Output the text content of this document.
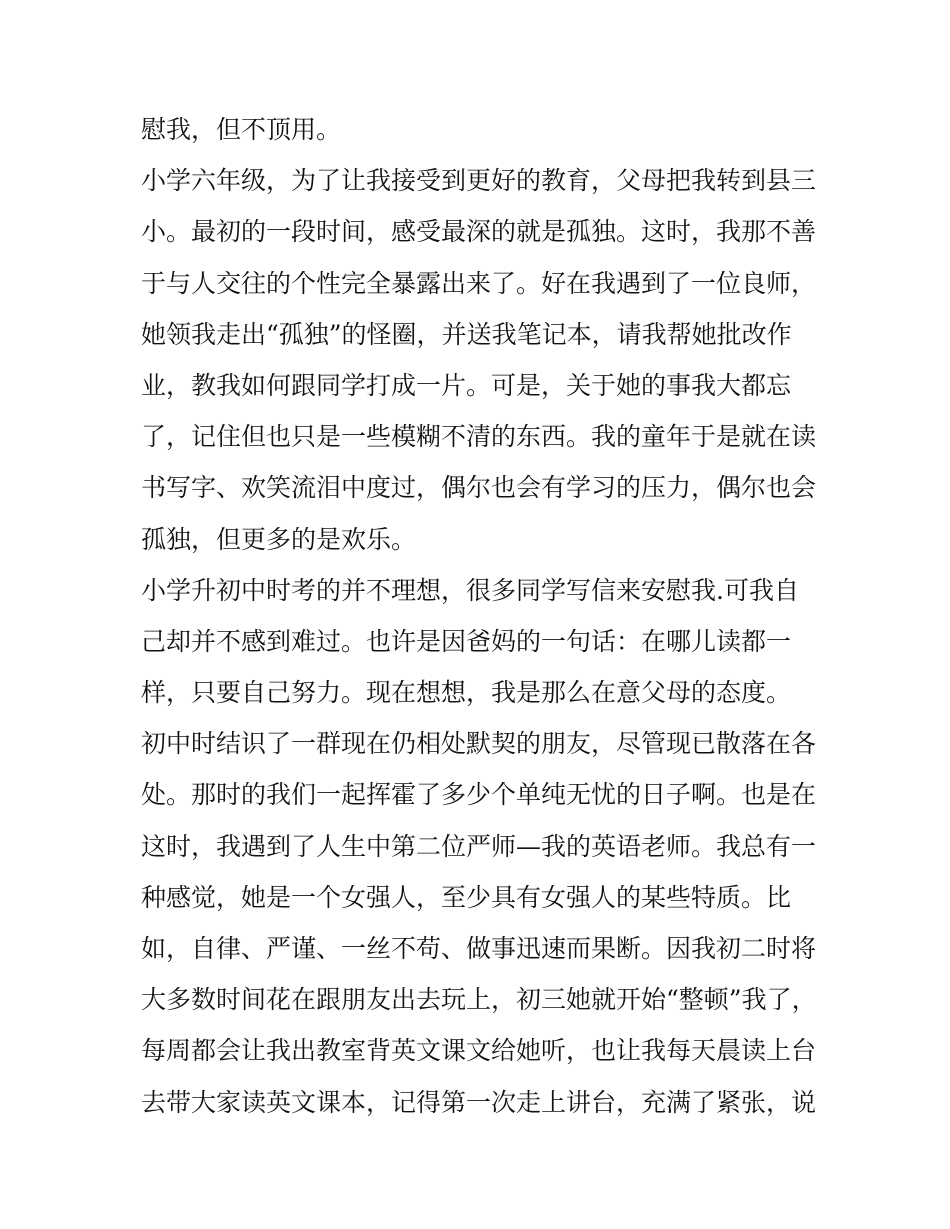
慰我，但不顶用。
小学六年级，为了让我接受到更好的教育，父母把我转到县三
小。最初的一段时间，感受最深的就是孤独。这时，我那不善
于与人交往的个性完全暴露出来了。好在我遇到了一位良师，
她领我走出“孤独”的怪圈，并送我笔记本，请我帮她批改作
业，教我如何跟同学打成一片。可是，关于她的事我大都忘
了，记住但也只是一些模糊不清的东西。我的童年于是就在读
书写字、欢笑流泪中度过，偶尔也会有学习的压力，偶尔也会
孤独，但更多的是欢乐。
小学升初中时考的并不理想，很多同学写信来安慰我.可我自
己却并不感到难过。也许是因爸妈的一句话：在哪儿读都一
样，只要自己努力。现在想想，我是那么在意父母的态度。
初中时结识了一群现在仍相处默契的朋友，尽管现已散落在各
处。那时的我们一起挥霍了多少个单纯无忧的日子啊。也是在
这时，我遇到了人生中第二位严师—我的英语老师。我总有一
种感觉，她是一个女强人，至少具有女强人的某些特质。比
如，自律、严谨、一丝不苟、做事迅速而果断。因我初二时将
大多数时间花在跟朋友出去玩上，初三她就开始“整顿”我了，
每周都会让我出教室背英文课文给她听，也让我每天晨读上台
去带大家读英文课本，记得第一次走上讲台，充满了紧张，说
